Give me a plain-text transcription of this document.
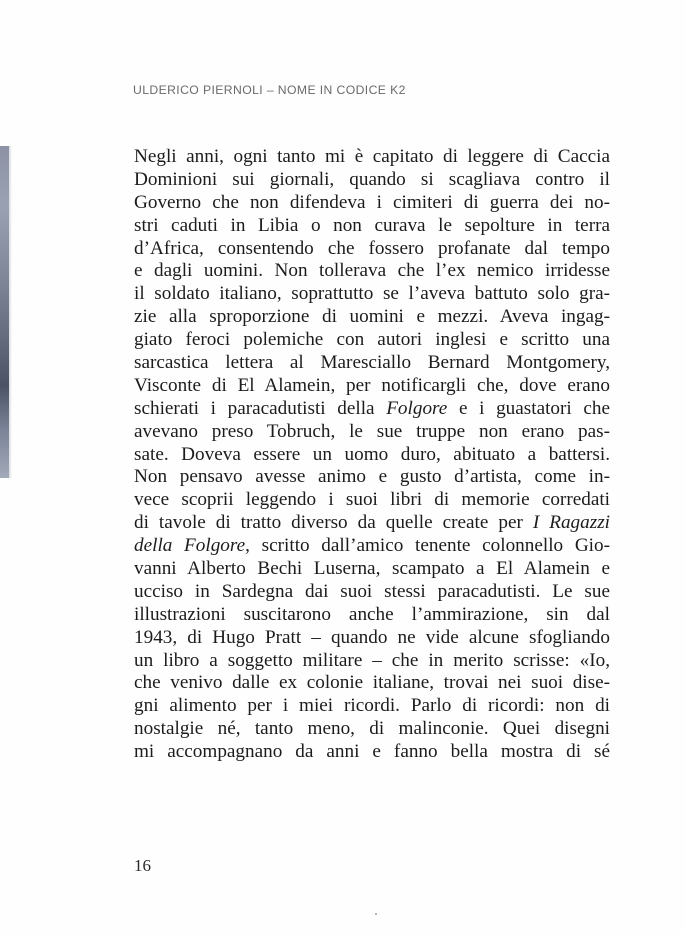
ULDERICO PIERNOLI – NOME IN CODICE K2
Negli anni, ogni tanto mi è capitato di leggere di Caccia
Dominioni sui giornali, quando si scagliava contro il
Governo che non difendeva i cimiteri di guerra dei no-
stri caduti in Libia o non curava le sepolture in terra
d’Africa, consentendo che fossero profanate dal tempo
e dagli uomini. Non tollerava che l’ex nemico irridesse
il soldato italiano, soprattutto se l’aveva battuto solo gra-
zie alla sproporzione di uomini e mezzi. Aveva ingag-
giato feroci polemiche con autori inglesi e scritto una
sarcastica lettera al Maresciallo Bernard Montgomery,
Visconte di El Alamein, per notificargli che, dove erano
schierati i paracadutisti della Folgore e i guastatori che
avevano preso Tobruch, le sue truppe non erano pas-
sate. Doveva essere un uomo duro, abituato a battersi.
Non pensavo avesse animo e gusto d’artista, come in-
vece scoprii leggendo i suoi libri di memorie corredati
di tavole di tratto diverso da quelle create per I Ragazzi
della Folgore, scritto dall’amico tenente colonnello Gio-
vanni Alberto Bechi Luserna, scampato a El Alamein e
ucciso in Sardegna dai suoi stessi paracadutisti. Le sue
illustrazioni suscitarono anche l’ammirazione, sin dal
1943, di Hugo Pratt – quando ne vide alcune sfogliando
un libro a soggetto militare – che in merito scrisse: «Io,
che venivo dalle ex colonie italiane, trovai nei suoi dise-
gni alimento per i miei ricordi. Parlo di ricordi: non di
nostalgie né, tanto meno, di malinconie. Quei disegni
mi accompagnano da anni e fanno bella mostra di sé
16
